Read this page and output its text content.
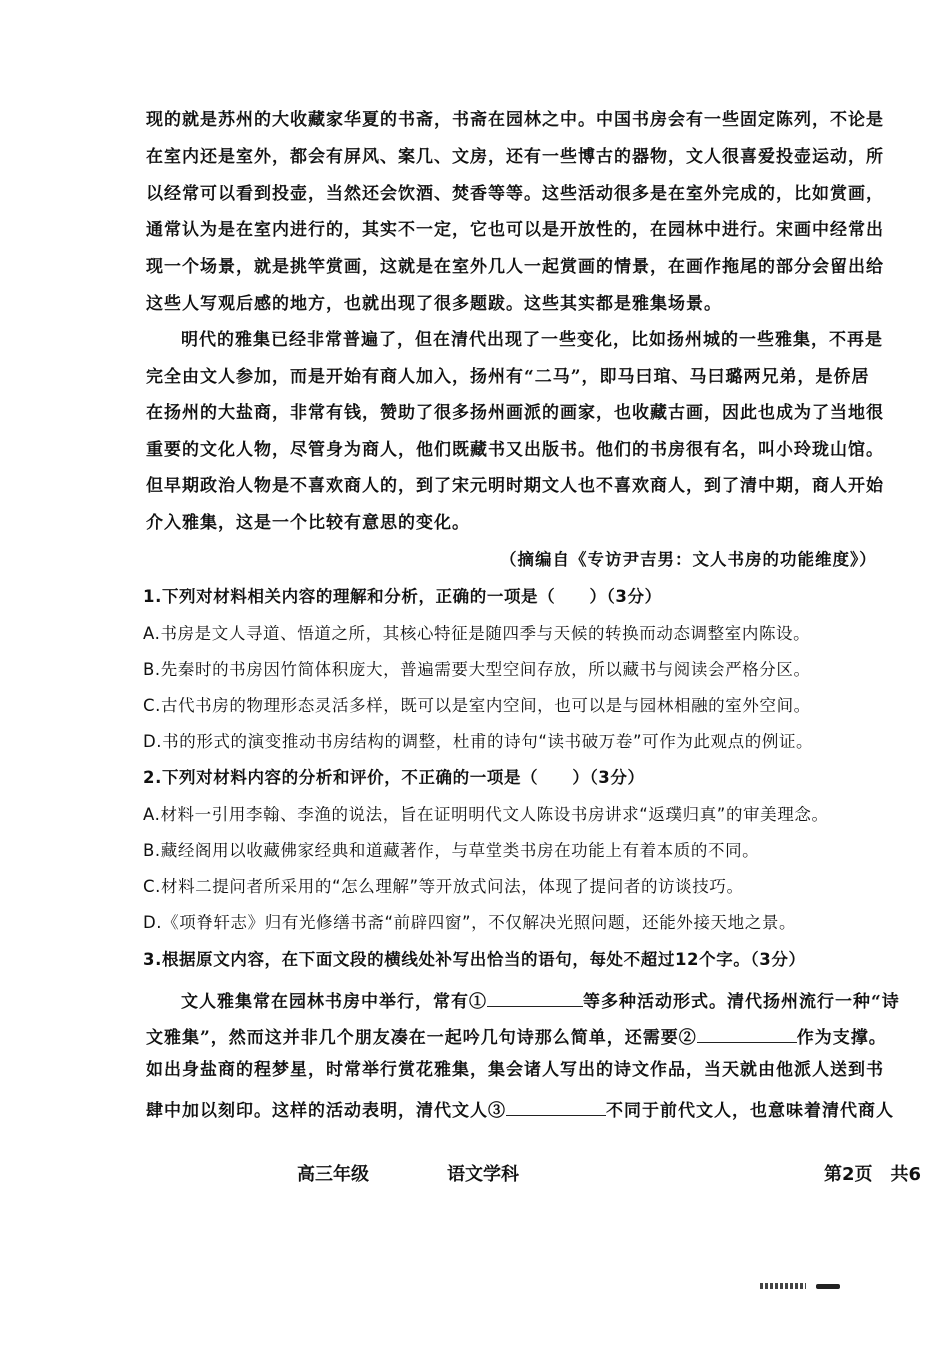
现的就是苏州的大收藏家华夏的书斋，书斋在园林之中。中国书房会有一些固定陈列，不论是
在室内还是室外，都会有屏风、案几、文房，还有一些博古的器物，文人很喜爱投壶运动，所
以经常可以看到投壶，当然还会饮酒、焚香等等。这些活动很多是在室外完成的，比如赏画，
通常认为是在室内进行的，其实不一定，它也可以是开放性的，在园林中进行。宋画中经常出
现一个场景，就是挑竿赏画，这就是在室外几人一起赏画的情景，在画作拖尾的部分会留出给
这些人写观后感的地方，也就出现了很多题跋。这些其实都是雅集场景。
明代的雅集已经非常普遍了，但在清代出现了一些变化，比如扬州城的一些雅集，不再是
完全由文人参加，而是开始有商人加入，扬州有“二马”，即马曰琯、马曰璐两兄弟，是侨居
在扬州的大盐商，非常有钱，赞助了很多扬州画派的画家，也收藏古画，因此也成为了当地很
重要的文化人物，尽管身为商人，他们既藏书又出版书。他们的书房很有名，叫小玲珑山馆。
但早期政治人物是不喜欢商人的，到了宋元明时期文人也不喜欢商人，到了清中期，商人开始
介入雅集，这是一个比较有意思的变化。
（摘编自《专访尹吉男：文人书房的功能维度》）
1.下列对材料相关内容的理解和分析，正确的一项是（　　）（3分）
A.书房是文人寻道、悟道之所，其核心特征是随四季与天候的转换而动态调整室内陈设。
B.先秦时的书房因竹简体积庞大，普遍需要大型空间存放，所以藏书与阅读会严格分区。
C.古代书房的物理形态灵活多样，既可以是室内空间，也可以是与园林相融的室外空间。
D.书的形式的演变推动书房结构的调整，杜甫的诗句“读书破万卷”可作为此观点的例证。
2.下列对材料内容的分析和评价，不正确的一项是（　　）（3分）
A.材料一引用李翰、李渔的说法，旨在证明明代文人陈设书房讲求“返璞归真”的审美理念。
B.藏经阁用以收藏佛家经典和道藏著作，与草堂类书房在功能上有着本质的不同。
C.材料二提问者所采用的“怎么理解”等开放式问法，体现了提问者的访谈技巧。
D.《项脊轩志》归有光修缮书斋“前辟四窗”，不仅解决光照问题，还能外接天地之景。
3.根据原文内容，在下面文段的横线处补写出恰当的语句，每处不超过12个字。（3分）
文人雅集常在园林书房中举行，常有①	等多种活动形式。清代扬州流行一种“诗
文雅集”，然而这并非几个朋友凑在一起吟几句诗那么简单，还需要②	作为支撑。
如出身盐商的程梦星，时常举行赏花雅集，集会诸人写出的诗文作品，当天就由他派人送到书
肆中加以刻印。这样的活动表明，清代文人③	不同于前代文人，也意味着清代商人
高三年级	语文学科	第2页　共6
